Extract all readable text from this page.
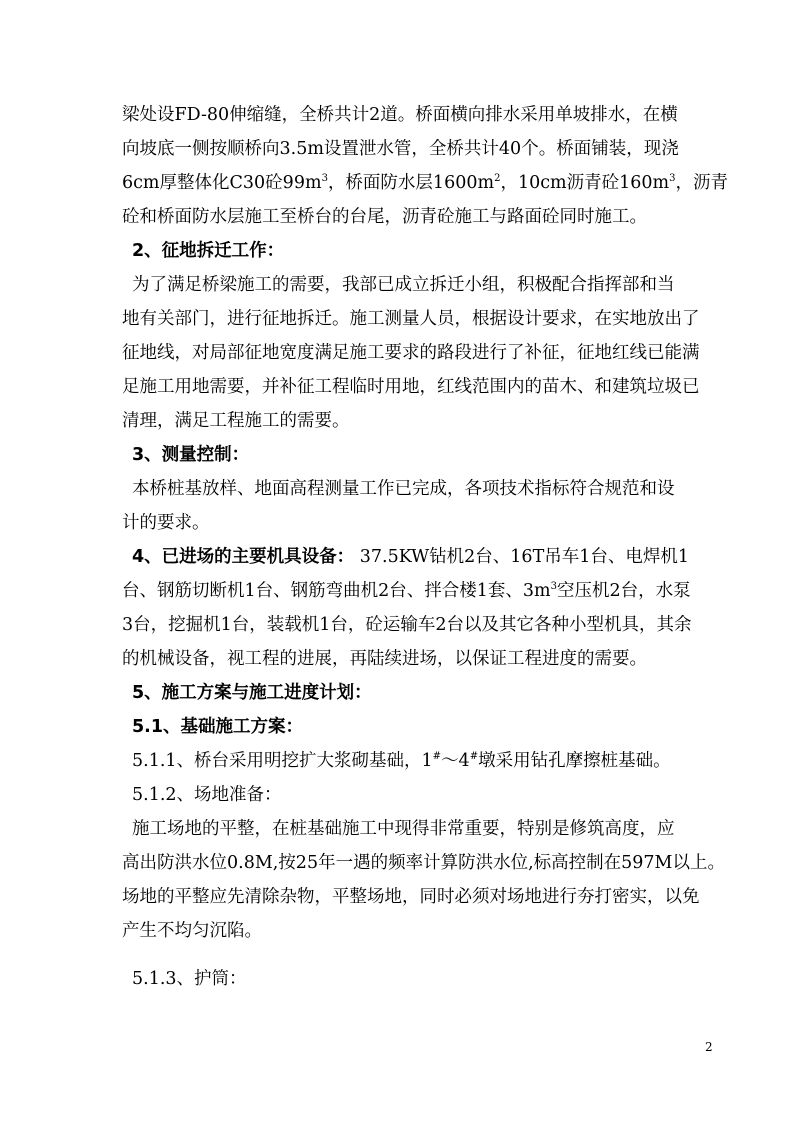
梁处设FD-80伸缩缝，全桥共计2道。桥面横向排水采用单坡排水，在横
向坡底一侧按顺桥向3.5m设置泄水管，全桥共计40个。桥面铺装，现浇
6cm厚整体化C30砼$99m^3$，桥面防水层$1600m^2$，10cm沥青砼$160m^3$，沥青
砼和桥面防水层施工至桥台的台尾，沥青砼施工与路面砼同时施工。
2、征地拆迁工作：
为了满足桥梁施工的需要，我部已成立拆迁小组，积极配合指挥部和当
地有关部门，进行征地拆迁。施工测量人员，根据设计要求，在实地放出了
征地线，对局部征地宽度满足施工要求的路段进行了补征，征地红线已能满
足施工用地需要，并补征工程临时用地，红线范围内的苗木、和建筑垃圾已
清理，满足工程施工的需要。
3、测量控制：
本桥桩基放样、地面高程测量工作已完成，各项技术指标符合规范和设
计的要求。
4、已进场的主要机具设备： 37.5KW钻机2台、16T吊车1台、电焊机1
台、钢筋切断机1台、钢筋弯曲机2台、拌合楼1套、$3m^3$空压机2台，水泵
3台，挖掘机1台，装载机1台，砼运输车2台以及其它各种小型机具，其余
的机械设备，视工程的进展，再陆续进场，以保证工程进度的需要。
5、施工方案与施工进度计划：
5.1、基础施工方案：
5.1.1、桥台采用明挖扩大浆砌基础，1#～4#墩采用钻孔摩擦桩基础。
5.1.2、场地准备：
施工场地的平整，在桩基础施工中现得非常重要，特别是修筑高度，应
高出防洪水位0.8M,按25年一遇的频率计算防洪水位,标高控制在597M以上。
场地的平整应先清除杂物，平整场地，同时必须对场地进行夯打密实，以免
产生不均匀沉陷。
5.1.3、护筒：
2
